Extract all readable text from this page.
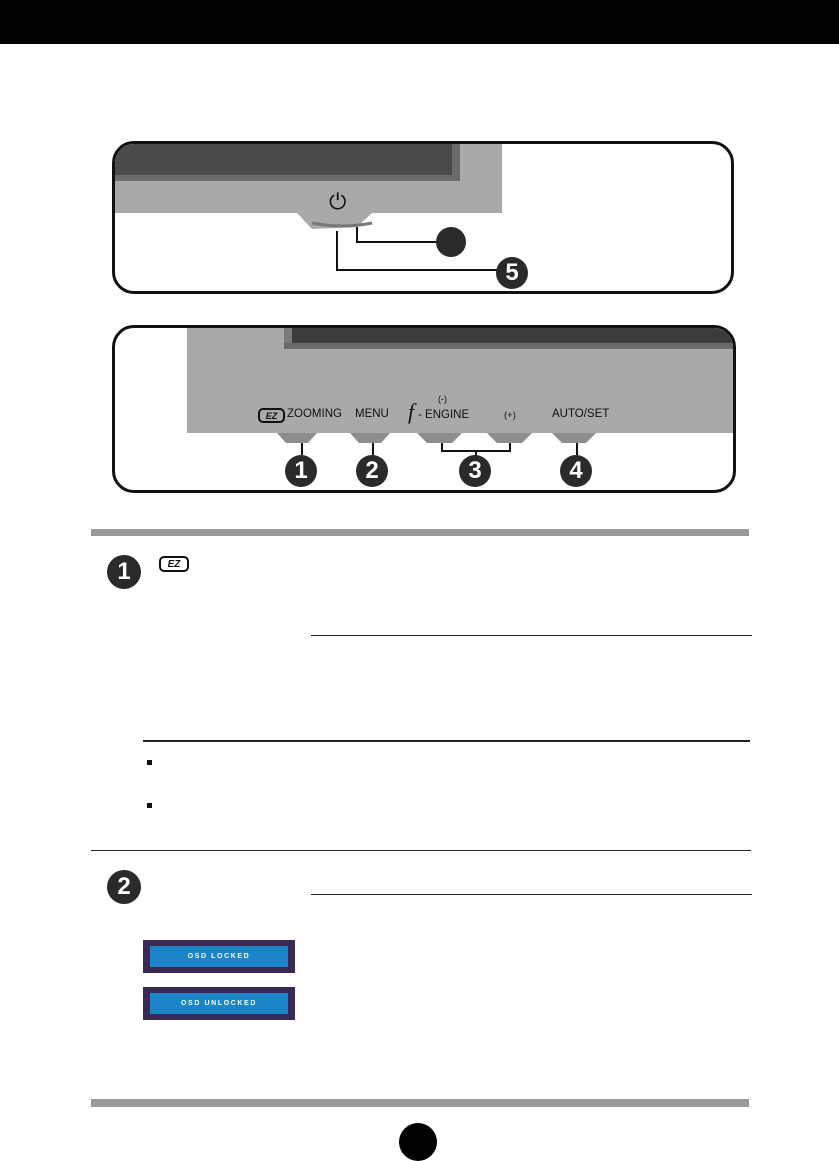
⏻
5
EZ ZOOMING MENU
(-)
f - ENGINE	(+)	AUTO/SET
1	2	3	4
1	EZ
2
OSD LOCKED
OSD UNLOCKED
